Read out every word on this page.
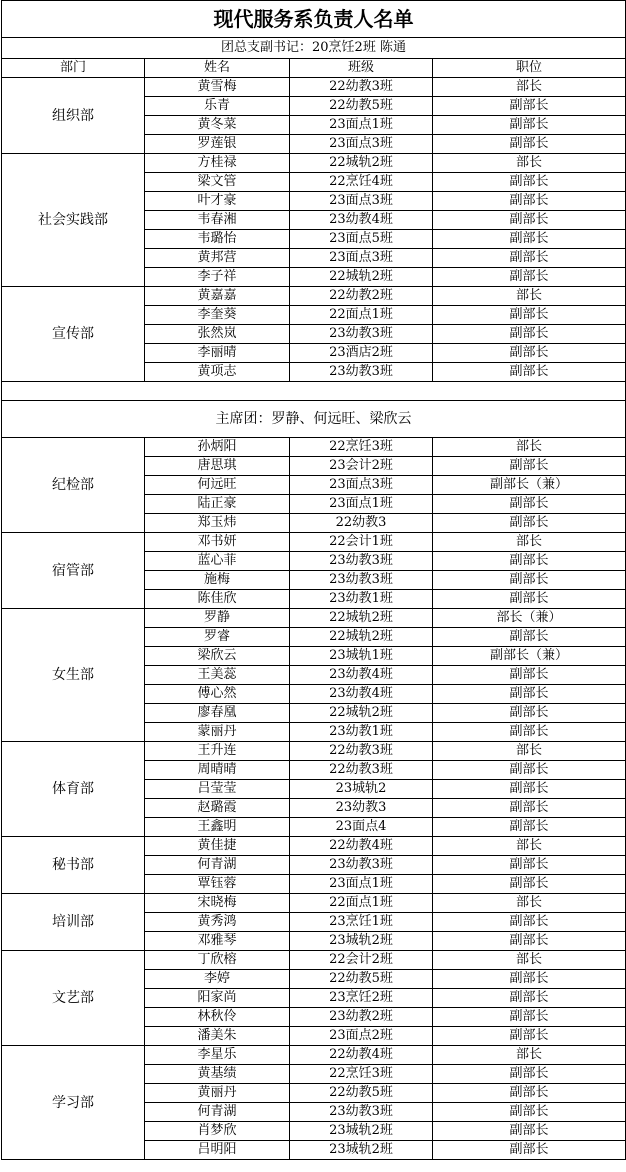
现代服务系负责人名单			
团总支副书记：20烹饪2班 陈通			
部门	姓名	班级	职位
组织部	黄雪梅	22幼教3班	部长
	乐青	22幼教5班	副部长
	黄冬菜	23面点1班	副部长
	罗莲银	23面点3班	副部长
社会实践部	方桂禄	22城轨2班	部长
	梁文管	22烹饪4班	副部长
	叶才豪	23面点3班	副部长
	韦春湘	23幼教4班	副部长
	韦璐怡	23面点5班	副部长
	黄邦营	23面点3班	副部长
	李子祥	22城轨2班	副部长
宣传部	黄嘉嘉	22幼教2班	部长
	李奎葵	22面点1班	副部长
	张然岚	23幼教3班	副部长
	李丽晴	23酒店2班	副部长
	黄项志	23幼教3班	副部长

主席团：罗静、何远旺、梁欣云			
纪检部	孙炳阳	22烹饪3班	部长
	唐思琪	23会计2班	副部长
	何远旺	23面点3班	副部长（兼）
	陆正豪	23面点1班	副部长
	郑玉炜	22幼教3	副部长
宿管部	邓书妍	22会计1班	部长
	蓝心菲	23幼教3班	副部长
	施梅	23幼教3班	副部长
	陈佳欣	23幼教1班	副部长
女生部	罗静	22城轨2班	部长（兼）
	罗睿	22城轨2班	副部长
	梁欣云	23城轨1班	副部长（兼）
	王美蕊	23幼教4班	副部长
	傅心然	23幼教4班	副部长
	廖春凰	22城轨2班	副部长
	蒙丽丹	23幼教1班	副部长
体育部	王升连	22幼教3班	部长
	周晴晴	22幼教3班	副部长
	吕莹莹	23城轨2	副部长
	赵璐霞	23幼教3	副部长
	王鑫明	23面点4	副部长
秘书部	黄佳捷	22幼教4班	部长
	何青湖	23幼教3班	副部长
	覃钰蓉	23面点1班	副部长
培训部	宋晓梅	22面点1班	部长
	黄秀鸿	23烹饪1班	副部长
	邓雅琴	23城轨2班	副部长
文艺部	丁欣榕	22会计2班	部长
	李婷	22幼教5班	副部长
	阳家尚	23烹饪2班	副部长
	林秋伶	23幼教2班	副部长
	潘美朱	23面点2班	副部长
学习部	李星乐	22幼教4班	部长
	黄基绩	22烹饪3班	副部长
	黄丽丹	22幼教5班	副部长
	何青湖	23幼教3班	副部长
	肖梦欣	23城轨2班	副部长
	吕明阳	23城轨2班	副部长
